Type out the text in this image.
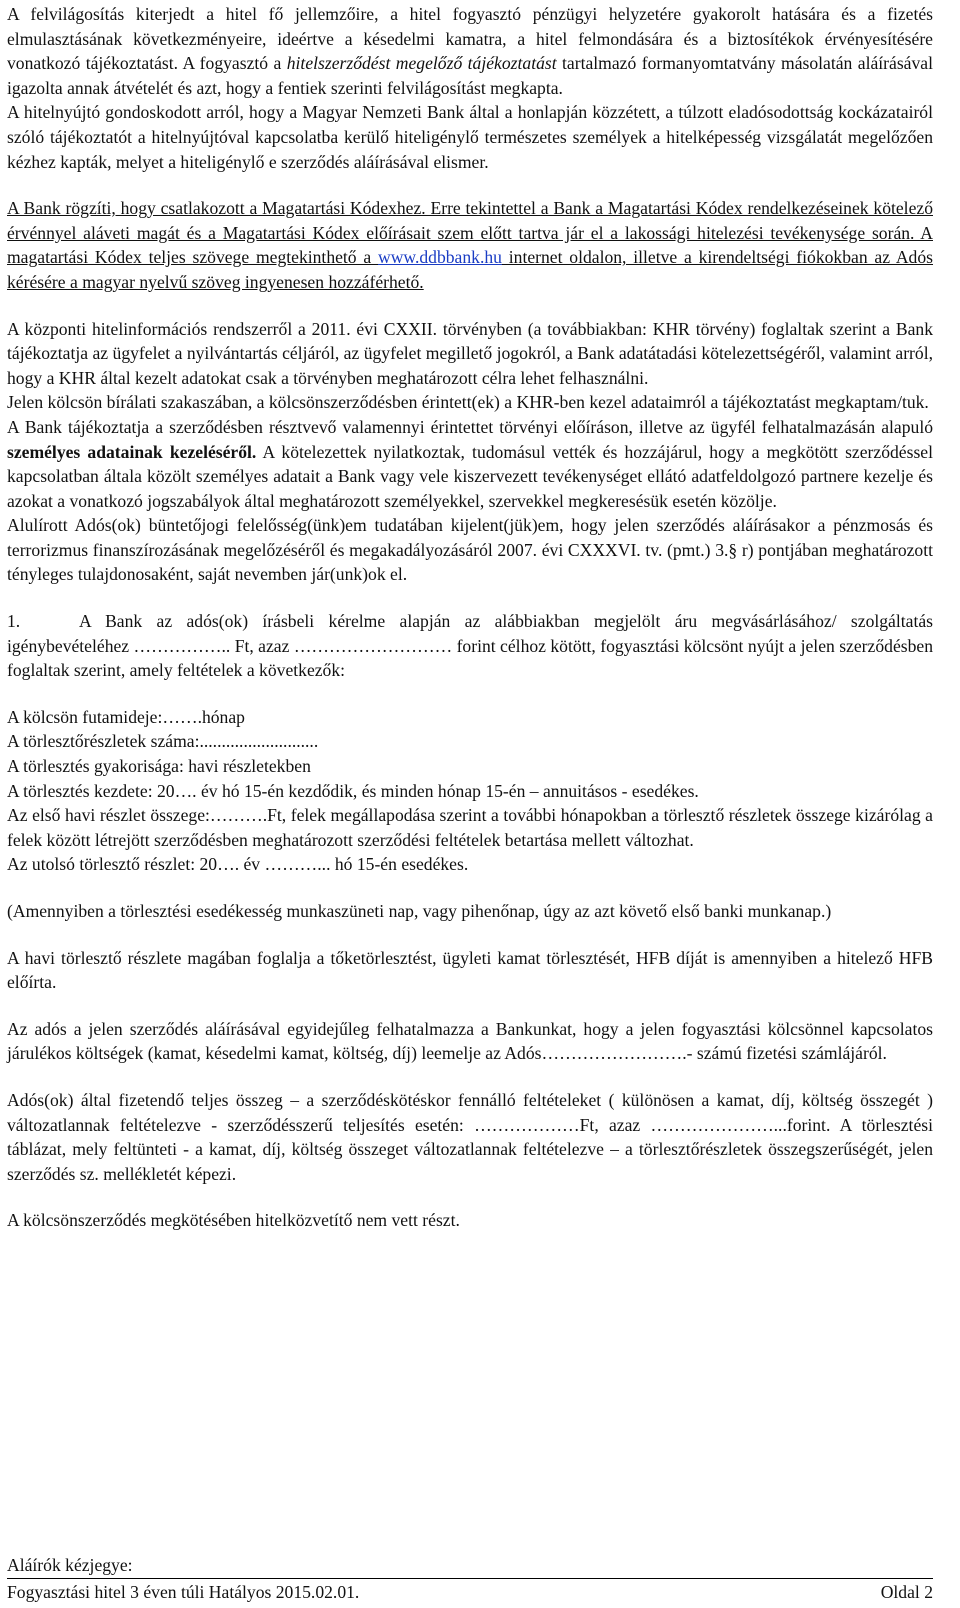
A felvilágosítás kiterjedt a hitel fő jellemzőire, a hitel fogyasztó pénzügyi helyzetére gyakorolt hatására és a fizetés elmulasztásának következményeire, ideértve a késedelmi kamatra, a hitel felmondására és a biztosítékok érvényesítésére vonatkozó tájékoztatást. A fogyasztó a hitelszerződést megelőző tájékoztatást tartalmazó formanyomtatvány másolatán aláírásával igazolta annak átvételét és azt, hogy a fentiek szerinti felvilágosítást megkapta.

A hitelnyújtó gondoskodott arról, hogy a Magyar Nemzeti Bank által a honlapján közzétett, a túlzott eladósodottság kockázatairól szóló tájékoztatót a hitelnyújtóval kapcsolatba kerülő hiteligénylő természetes személyek a hitelképesség vizsgálatát megelőzően kézhez kapták, melyet a hiteligénylő e szerződés aláírásával elismer.

A Bank rögzíti, hogy csatlakozott a Magatartási Kódexhez. Erre tekintettel a Bank a Magatartási Kódex rendelkezéseinek kötelező érvénnyel aláveti magát és a Magatartási Kódex előírásait szem előtt tartva jár el a lakossági hitelezési tevékenysége során. A magatartási Kódex teljes szövege megtekinthető a www.ddbbank.hu internet oldalon, illetve a kirendeltségi fiókokban az Adós kérésére a magyar nyelvű szöveg ingyenesen hozzáférhető.

A központi hitelinformációs rendszerről a 2011. évi CXXII. törvényben (a továbbiakban: KHR törvény) foglaltak szerint a Bank tájékoztatja az ügyfelet a nyilvántartás céljáról, az ügyfelet megillető jogokról, a Bank adatátadási kötelezettségéről, valamint arról, hogy a KHR által kezelt adatokat csak a törvényben meghatározott célra lehet felhasználni.

Jelen kölcsön bírálati szakaszában, a kölcsönszerződésben érintett(ek) a KHR-ben kezel adataimról a tájékoztatást megkaptam/tuk.

A Bank tájékoztatja a szerződésben résztvevő valamennyi érintettet törvényi előíráson, illetve az ügyfél felhatalmazásán alapuló személyes adatainak kezeléséről. A kötelezettek nyilatkoztak, tudomásul vették és hozzájárul, hogy a megkötött szerződéssel kapcsolatban általa közölt személyes adatait a Bank vagy vele kiszervezett tevékenységet ellátó adatfeldolgozó partnere kezelje és azokat a vonatkozó jogszabályok által meghatározott személyekkel, szervekkel megkeresésük esetén közölje.

Alulírott Adós(ok) büntetőjogi felelősség(ünk)em tudatában kijelent(jük)em, hogy jelen szerződés aláírásakor a pénzmosás és terrorizmus finanszírozásának megelőzéséről és megakadályozásáról 2007. évi CXXXVI. tv. (pmt.) 3.§ r) pontjában meghatározott tényleges tulajdonosaként, saját nevemben jár(unk)ok el.

1.	A Bank az adós(ok) írásbeli kérelme alapján az alábbiakban megjelölt áru megvásárlásához/ szolgáltatás igénybevételéhez …………….. Ft, azaz ……………………… forint célhoz kötött, fogyasztási kölcsönt nyújt a jelen szerződésben foglaltak szerint, amely feltételek a következők:

A kölcsön futamideje:…….hónap

A törlesztőrészletek száma:...........................

A törlesztés gyakorisága: havi részletekben

A törlesztés kezdete: 20…. év hó 15-én kezdődik, és minden hónap 15-én – annuitásos - esedékes.

Az első havi részlet összege:……….Ft, felek megállapodása szerint a további hónapokban a törlesztő részletek összege kizárólag a felek között létrejött szerződésben meghatározott szerződési feltételek betartása mellett változhat.

Az utolsó törlesztő részlet: 20…. év ………... hó 15-én esedékes.

(Amennyiben a törlesztési esedékesség munkaszüneti nap, vagy pihenőnap, úgy az azt követő első banki munkanap.)

A havi törlesztő részlete magában foglalja a tőketörlesztést, ügyleti kamat törlesztését, HFB díját is amennyiben a hitelező HFB előírta.

Az adós a jelen szerződés aláírásával egyidejűleg felhatalmazza a Bankunkat, hogy a jelen fogyasztási kölcsönnel kapcsolatos járulékos költségek (kamat, késedelmi kamat, költség, díj) leemelje az Adós…………………….- számú fizetési számlájáról.

Adós(ok) által fizetendő teljes összeg – a szerződéskötéskor fennálló feltételeket ( különösen a kamat, díj, költség összegét ) változatlannak feltételezve - szerződésszerű teljesítés esetén: ………………Ft, azaz …………………...forint. A törlesztési táblázat, mely feltünteti - a kamat, díj, költség összeget változatlannak feltételezve – a törlesztőrészletek összegszerűségét, jelen szerződés sz. mellékletét képezi.

A kölcsönszerződés megkötésében hitelközvetítő nem vett részt.

Aláírók kézjegye:
Fogyasztási hitel 3 éven túli Hatályos 2015.02.01.	Oldal 2
